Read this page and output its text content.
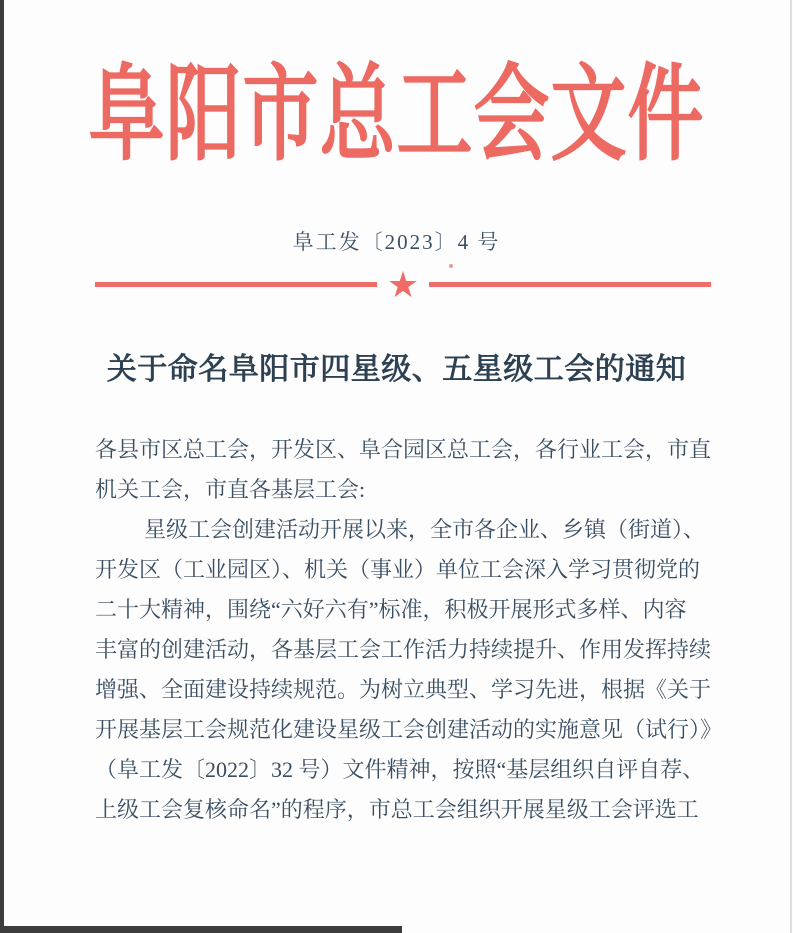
阜阳市总工会文件
阜工发〔2023〕4 号
★
关于命名阜阳市四星级、五星级工会的通知
各县市区总工会，开发区、阜合园区总工会，各行业工会，市直
机关工会，市直各基层工会:
星级工会创建活动开展以来，全市各企业、乡镇（街道）、
开发区（工业园区）、机关（事业）单位工会深入学习贯彻党的
二十大精神，围绕“六好六有”标准，积极开展形式多样、内容
丰富的创建活动，各基层工会工作活力持续提升、作用发挥持续
增强、全面建设持续规范。为树立典型、学习先进，根据《关于
开展基层工会规范化建设星级工会创建活动的实施意见（试行）》
（阜工发〔2022〕32 号）文件精神，按照“基层组织自评自荐、
上级工会复核命名”的程序，市总工会组织开展星级工会评选工
